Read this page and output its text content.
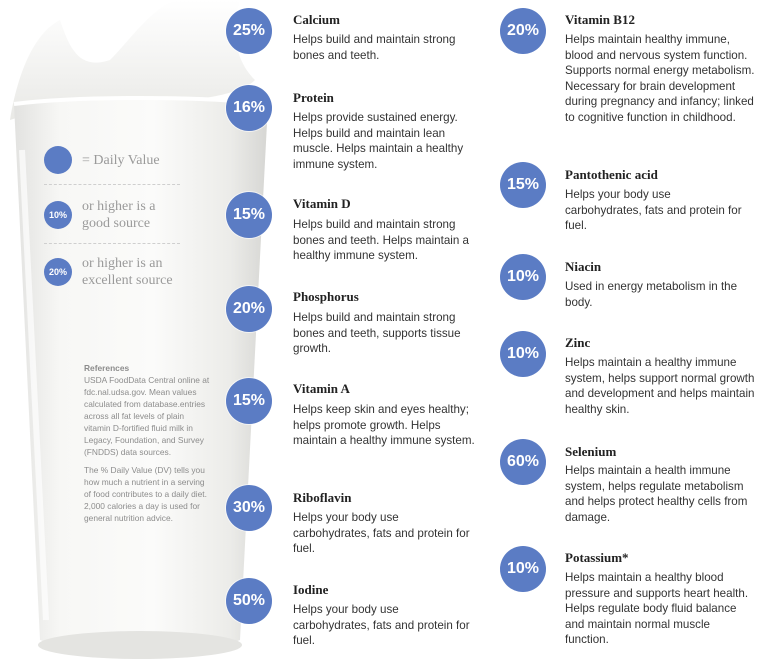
= Daily Value
10%
or higher is a good source
20%
or higher is an excellent source

References
USDA FoodData Central online at fdc.nal.udsa.gov. Mean values calculated from database.entries across all fat levels of plain vitamin D-fortified fluid milk in Legacy, Foundation, and Survey (FNDDS) data sources.

The % Daily Value (DV) tells you how much a nutrient in a serving of food contributes to a daily diet. 2,000 calories a day is used for general nutrition advice.

25%
Calcium
Helps build and maintain strong bones and teeth.
16%
Protein
Helps provide sustained energy. Helps build and maintain lean muscle. Helps maintain a healthy immune system.
15%
Vitamin D
Helps build and maintain strong bones and teeth. Helps maintain a healthy immune system.
20%
Phosphorus
Helps build and maintain strong bones and teeth, supports tissue growth.
15%
Vitamin A
Helps keep skin and eyes healthy; helps promote growth. Helps maintain a healthy immune system.
30%
Riboflavin
Helps your body use carbohydrates, fats and protein for fuel.
50%
Iodine
Helps your body use carbohydrates, fats and protein for fuel.
20%
Vitamin B12
Helps maintain healthy immune, blood and nervous system function. Supports normal energy metabolism. Necessary for brain development during pregnancy and infancy; linked to cognitive function in childhood.
15%
Pantothenic acid
Helps your body use carbohydrates, fats and protein for fuel.
10%
Niacin
Used in energy metabolism in the body.
10%
Zinc
Helps maintain a healthy immune system, helps support normal growth and development and helps maintain healthy skin.
60%
Selenium
Helps maintain a health immune system, helps regulate metabolism and helps protect healthy cells from damage.
10%
Potassium*
Helps maintain a healthy blood pressure and supports heart health. Helps regulate body fluid balance and maintain normal muscle function.
